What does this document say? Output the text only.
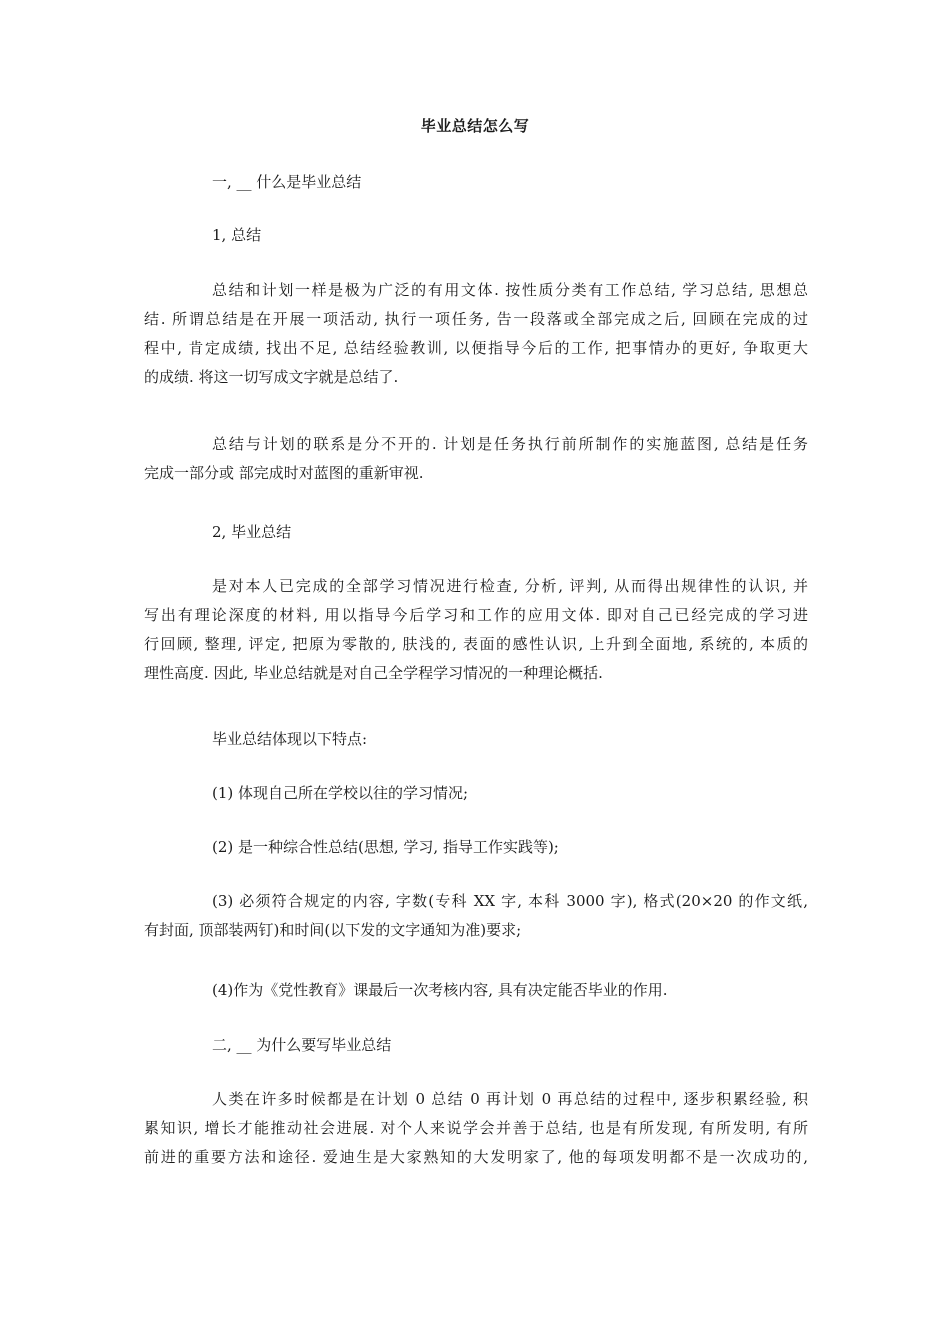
毕业总结怎么写
一, __ 什么是毕业总结
1, 总结
总结和计划一样是极为广泛的有用文体. 按性质分类有工作总结, 学习总结, 思想总
结. 所谓总结是在开展一项活动, 执行一项任务, 告一段落或全部完成之后, 回顾在完成的过
程中, 肯定成绩, 找出不足, 总结经验教训, 以便指导今后的工作, 把事情办的更好, 争取更大
的成绩. 将这一切写成文字就是总结了.
总结与计划的联系是分不开的. 计划是任务执行前所制作的实施蓝图, 总结是任务
完成一部分或 部完成时对蓝图的重新审视.
2, 毕业总结
是对本人已完成的全部学习情况进行检查, 分析, 评判, 从而得出规律性的认识, 并
写出有理论深度的材料, 用以指导今后学习和工作的应用文体. 即对自己已经完成的学习进
行回顾, 整理, 评定, 把原为零散的, 肤浅的, 表面的感性认识, 上升到全面地, 系统的, 本质的
理性高度. 因此, 毕业总结就是对自己全学程学习情况的一种理论概括.
毕业总结体现以下特点:
(1) 体现自己所在学校以往的学习情况;
(2) 是一种综合性总结(思想, 学习, 指导工作实践等);
(3) 必须符合规定的内容, 字数(专科 XX 字, 本科 3000 字), 格式(20×20 的作文纸,
有封面, 顶部装两钉)和时间(以下发的文字通知为准)要求;
(4)作为《党性教育》课最后一次考核内容, 具有决定能否毕业的作用.
二, __ 为什么要写毕业总结
人类在许多时候都是在计划 0 总结 0 再计划 0 再总结的过程中, 逐步积累经验, 积
累知识, 增长才能推动社会进展. 对个人来说学会并善于总结, 也是有所发现, 有所发明, 有所
前进的重要方法和途径. 爱迪生是大家熟知的大发明家了, 他的每项发明都不是一次成功的,
